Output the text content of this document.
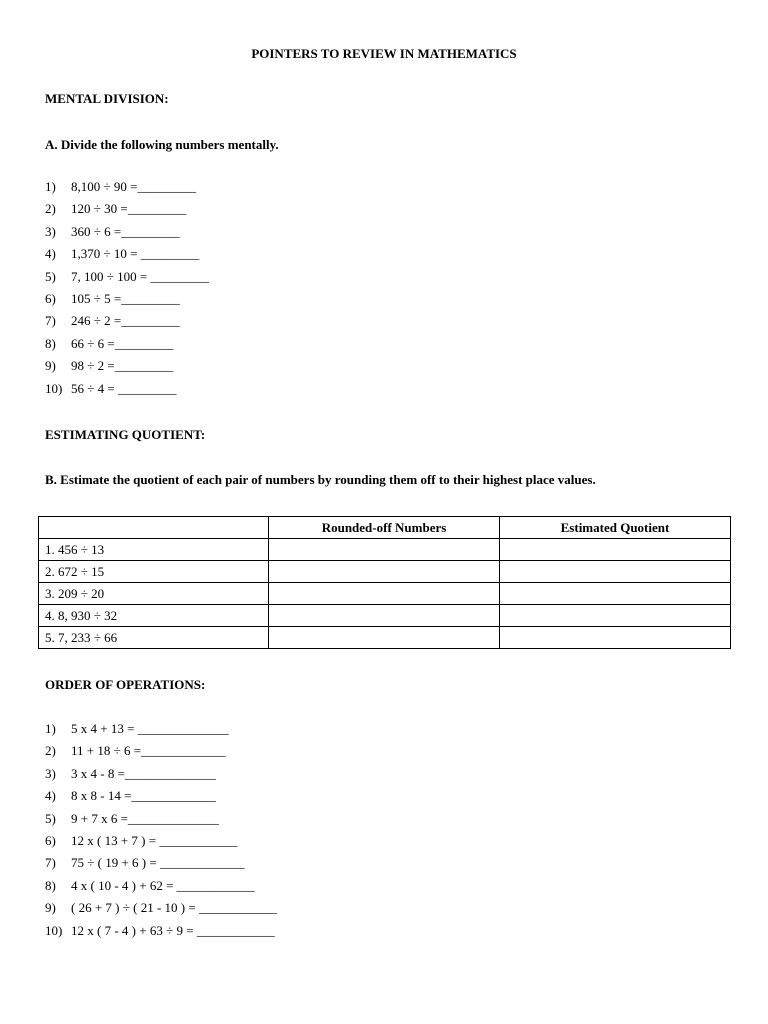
POINTERS TO REVIEW IN MATHEMATICS
MENTAL DIVISION:
A. Divide the following numbers mentally.
1) 8,100 ÷ 90 =_________
2) 120 ÷ 30 =_________
3) 360 ÷ 6 =_________
4) 1,370 ÷ 10 = _________
5) 7, 100 ÷ 100 = _________
6) 105 ÷ 5 =_________
7) 246 ÷ 2 =_________
8) 66 ÷ 6 =_________
9) 98 ÷ 2 =_________
10) 56 ÷ 4 = _________
ESTIMATING QUOTIENT:
B. Estimate the quotient of each pair of numbers by rounding them off to their highest place values.
	Rounded-off Numbers	Estimated Quotient
1. 456 ÷ 13		
2. 672 ÷ 15		
3. 209 ÷ 20		
4. 8, 930 ÷ 32		
5. 7, 233 ÷ 66		
ORDER OF OPERATIONS:
1) 5 x 4 + 13 = ______________
2) 11 + 18 ÷ 6 =_____________
3) 3 x 4 - 8 =______________
4) 8 x 8 - 14 =_____________
5) 9 + 7 x 6 =______________
6) 12 x ( 13 + 7 ) = ____________
7) 75 ÷ ( 19 + 6 ) = _____________
8) 4 x ( 10 - 4 ) + 62 = ____________
9) ( 26 + 7 ) ÷ ( 21 - 10 ) = ____________
10) 12 x ( 7 - 4 ) + 63 ÷ 9 = ____________
